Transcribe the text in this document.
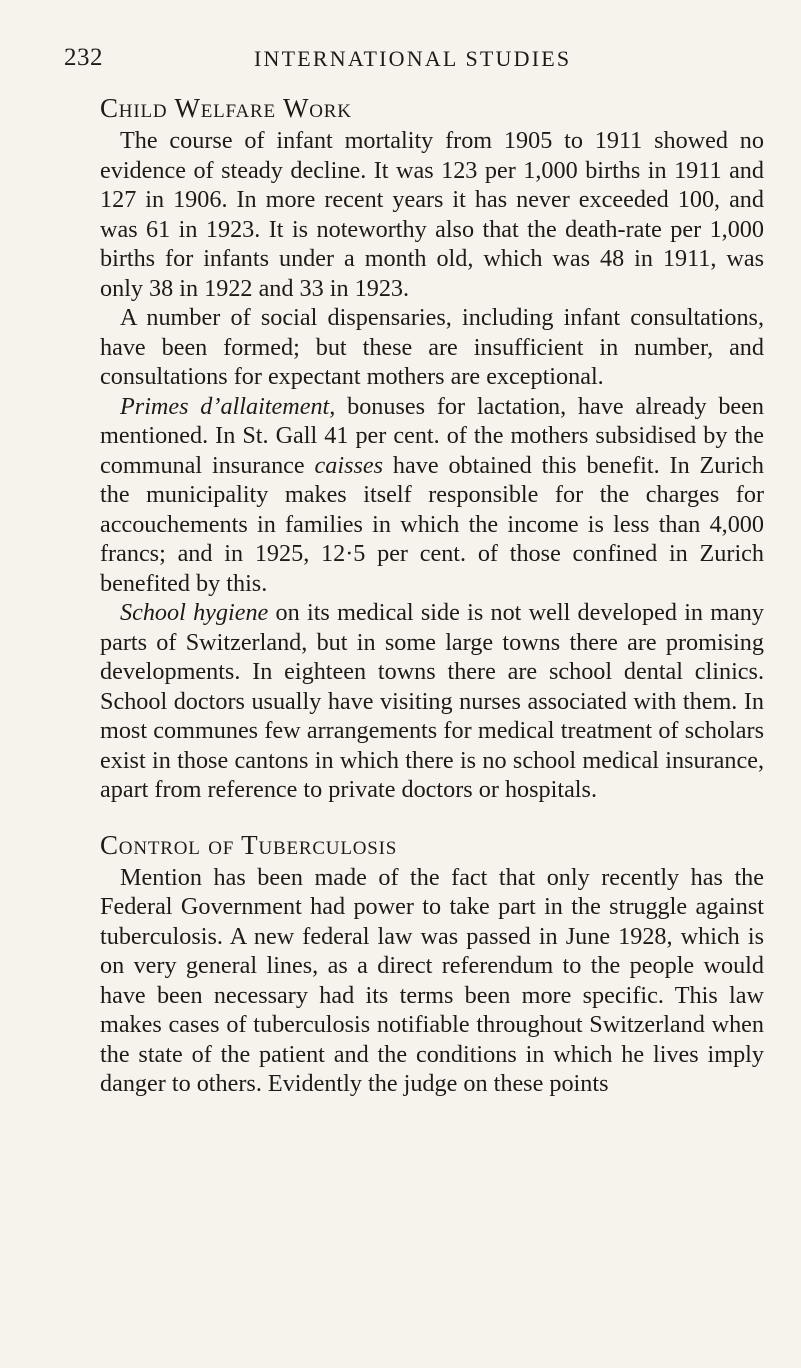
232	INTERNATIONAL STUDIES
Child Welfare Work

The course of infant mortality from 1905 to 1911 showed no evidence of steady decline. It was 123 per 1,000 births in 1911 and 127 in 1906. In more recent years it has never exceeded 100, and was 61 in 1923. It is noteworthy also that the death-rate per 1,000 births for infants under a month old, which was 48 in 1911, was only 38 in 1922 and 33 in 1923.

A number of social dispensaries, including infant consultations, have been formed; but these are insufficient in number, and consultations for expectant mothers are exceptional.

Primes d’allaitement, bonuses for lactation, have already been mentioned. In St. Gall 41 per cent. of the mothers subsidised by the communal insurance caisses have obtained this benefit. In Zurich the municipality makes itself responsible for the charges for accouchements in families in which the income is less than 4,000 francs; and in 1925, 12·5 per cent. of those confined in Zurich benefited by this.

School hygiene on its medical side is not well developed in many parts of Switzerland, but in some large towns there are promising developments. In eighteen towns there are school dental clinics. School doctors usually have visiting nurses associated with them. In most communes few arrangements for medical treatment of scholars exist in those cantons in which there is no school medical insurance, apart from reference to private doctors or hospitals.

Control of Tuberculosis

Mention has been made of the fact that only recently has the Federal Government had power to take part in the struggle against tuberculosis. A new federal law was passed in June 1928, which is on very general lines, as a direct referendum to the people would have been necessary had its terms been more specific. This law makes cases of tuberculosis notifiable throughout Switzerland when the state of the patient and the conditions in which he lives imply danger to others. Evidently the judge on these points
